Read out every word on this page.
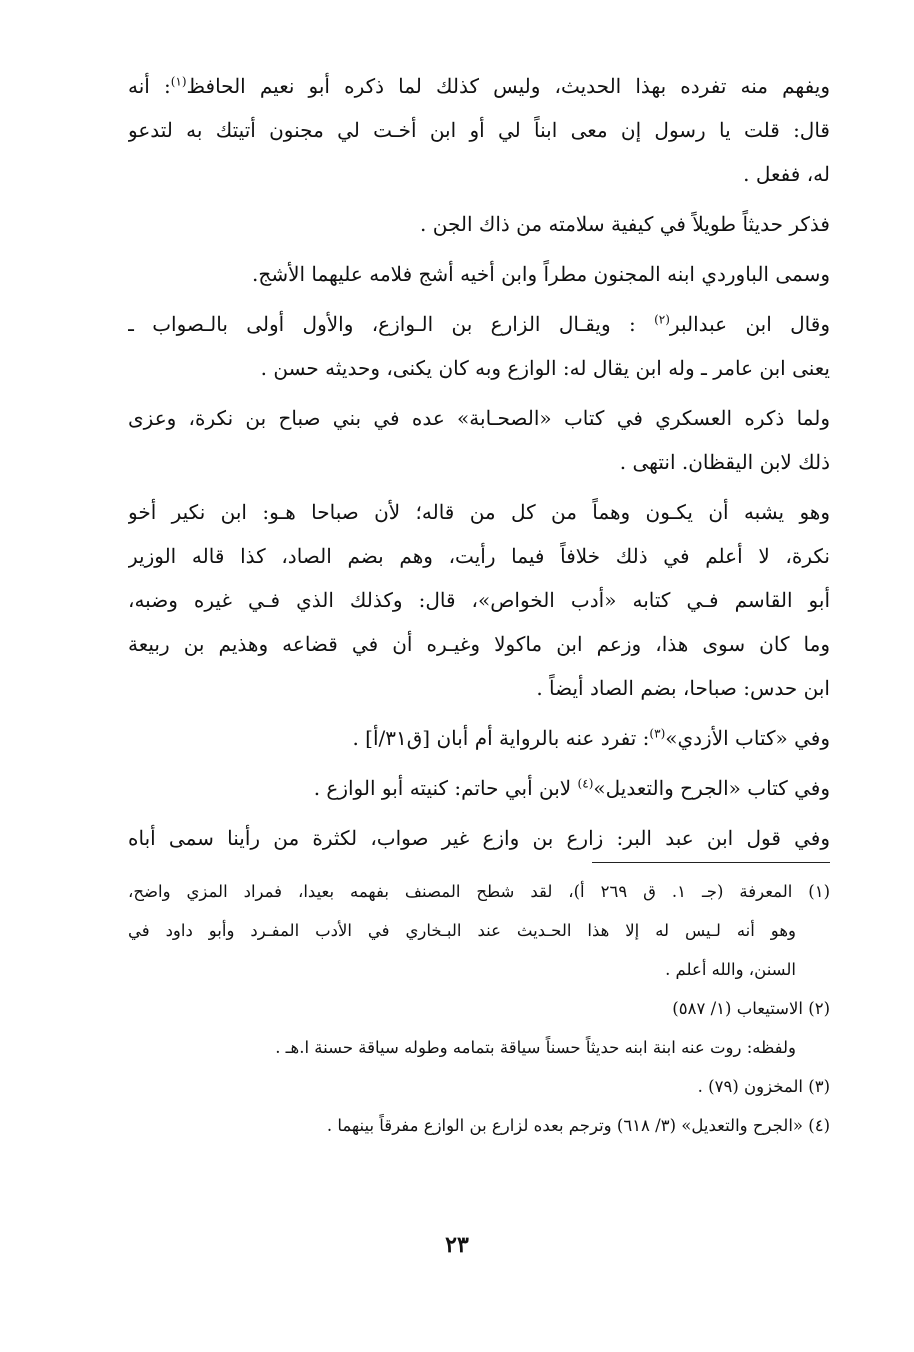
ويفهم منه تفرده بهذا الحديث، وليس كذلك لما ذكره أبو نعيم الحافظ$^{(١)}$: أنه
قال: قلت يا رسول إن معى ابناً لي أو ابن أخـت لي مجنون أتيتك به لتدعو
له، ففعل .
فذكر حديثاً طويلاً في كيفية سلامته من ذاك الجن .
وسمى الباوردي ابنه المجنون مطراً وابن أخيه أشج فلامه عليهما الأشج.
وقال ابن عبدالبر$^{(٢)}$ : ويقـال الزارع بن الـوازع، والأول أولى بالـصواب ـ
يعنى ابن عامر ـ وله ابن يقال له: الوازع وبه كان يكنى، وحديثه حسن .
ولما ذكره العسكري في كتاب «الصحـابة» عده في بني صباح بن نكرة، وعزى
ذلك لابن اليقظان. انتهى .
وهو يشبه أن يكـون وهماً من كل من قاله؛ لأن صباحا هـو: ابن نكير أخو
نكرة، لا أعلم في ذلك خلافاً فيما رأيت، وهم بضم الصاد، كذا قاله الوزير
أبو القاسم فـي كتابه «أدب الخواص»، قال: وكذلك الذي فـي غيره وضبه،
وما كان سوى هذا، وزعم ابن ماكولا وغيـره أن في قضاعه وهذيم بن ربيعة
ابن حدس: صباحا، بضم الصاد أيضاً .
وفي «كتاب الأزدي»$^{(٣)}$: تفرد عنه بالرواية أم أبان [ق٣١/أ] .
وفي كتاب «الجرح والتعديل»$^{(٤)}$ لابن أبي حاتم: كنيته أبو الوازع .
وفي قول ابن عبد البر: زارع بن وازع غير صواب، لكثرة من رأينا سمى أباه
(١) المعرفة (جـ ١. ق ٢٦٩ أ)، لقد شطح المصنف بفهمه بعيدا، فمراد المزي واضح،
وهو أنه لـيس له إلا هذا الحـديث عند البـخاري في الأدب المفـرد وأبو داود في
السنن، والله أعلم .
(٢) الاستيعاب (١/ ٥٨٧)
ولفظه: روت عنه ابنة ابنه حديثاً حسناً سياقة بتمامه وطوله سياقة حسنة ا.هـ .
(٣) المخزون (٧٩) .
(٤) «الجرح والتعديل» (٣/ ٦١٨) وترجم بعده لزارع بن الوازع مفرقاً بينهما .
٢٣
